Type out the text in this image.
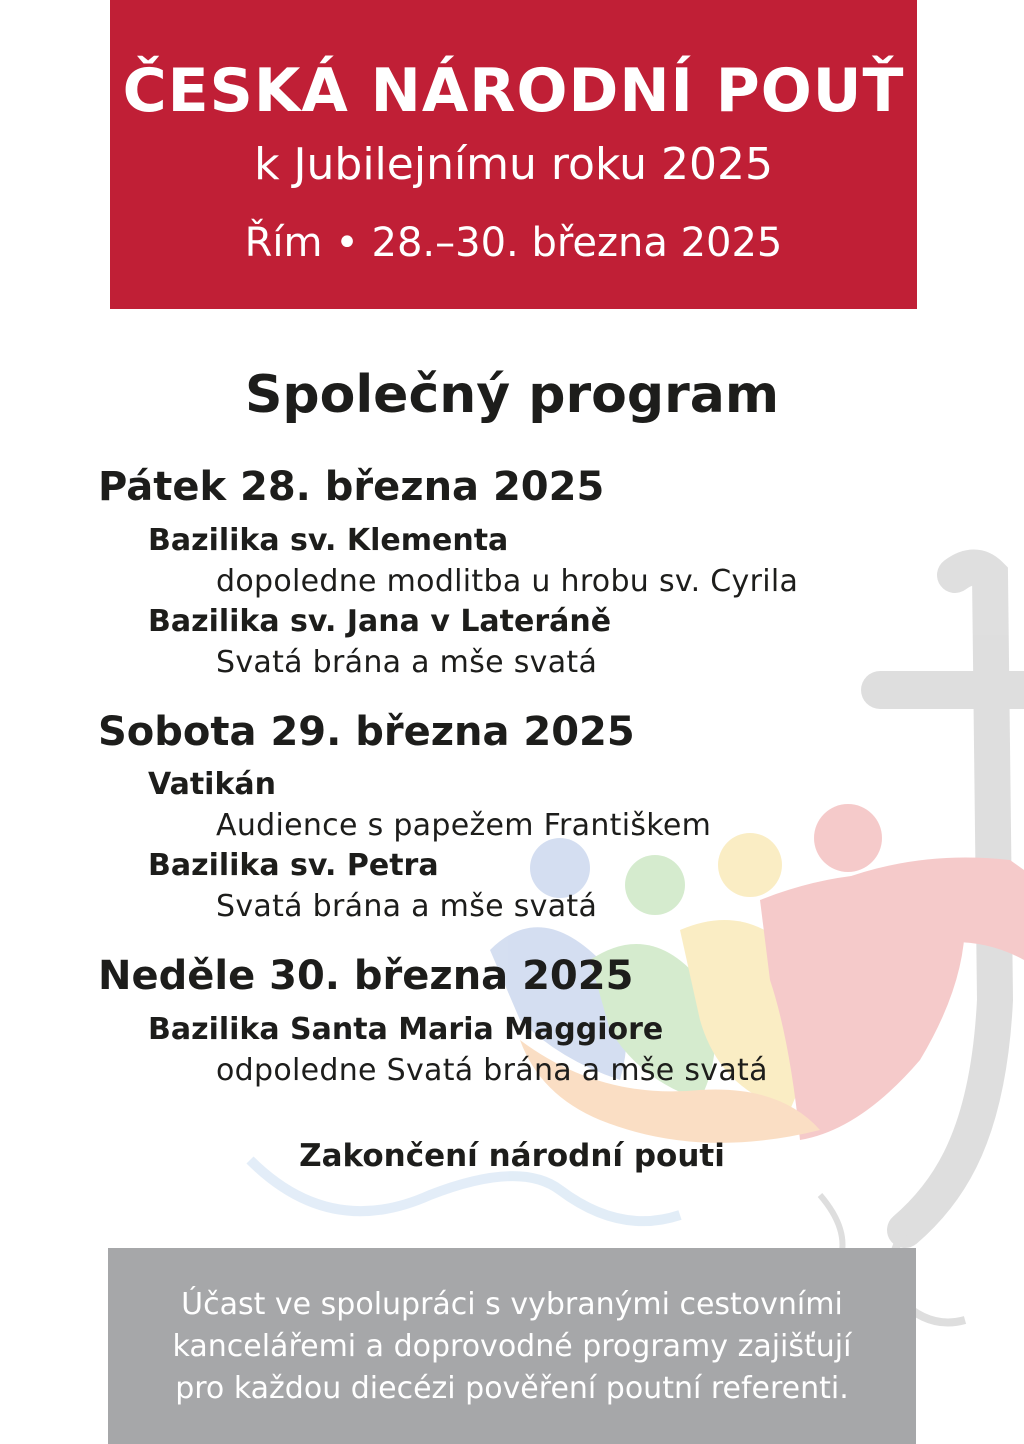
ČESKÁ NÁRODNÍ POUŤ
k Jubilejnímu roku 2025
Řím • 28.–30. března 2025
Společný program
Pátek 28. března 2025
Bazilika sv. Klementa
dopoledne modlitba u hrobu sv. Cyrila
Bazilika sv. Jana v Lateráně
Svatá brána a mše svatá
Sobota 29. března 2025
Vatikán
Audience s papežem Františkem
Bazilika sv. Petra
Svatá brána a mše svatá
Neděle 30. března 2025
Bazilika Santa Maria Maggiore
odpoledne Svatá brána a mše svatá
Zakončení národní pouti
Účast ve spolupráci s vybranými cestovními
kancelářemi a doprovodné programy zajišťují
pro každou diecézi pověření poutní referenti.
